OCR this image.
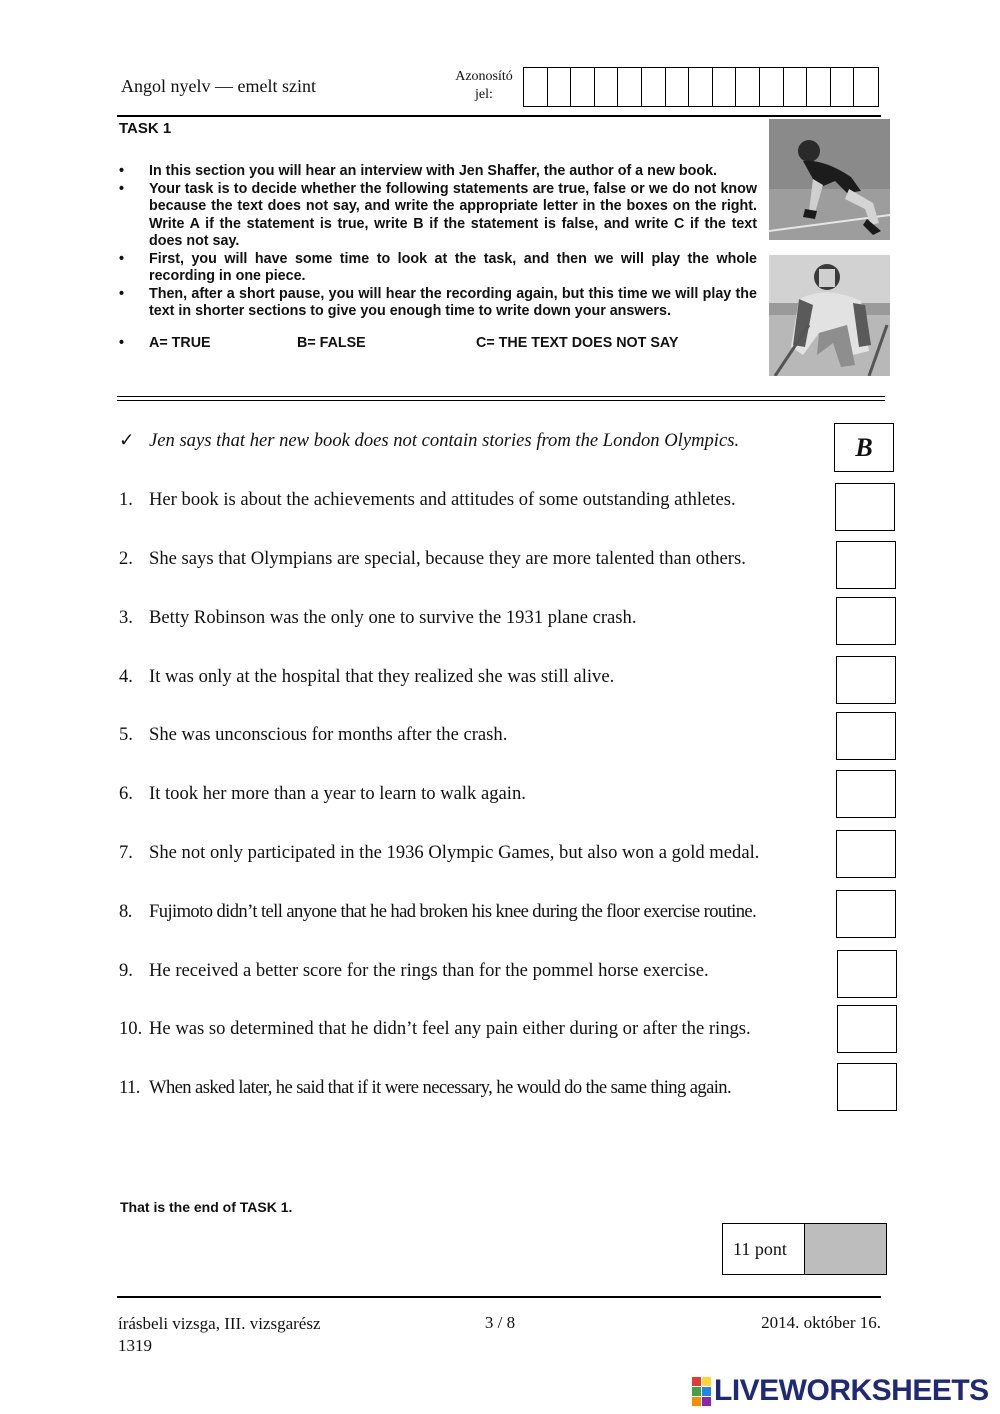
Angol nyelv — emelt szint	Azonosító
jel:
TASK 1
• In this section you will hear an interview with Jen Shaffer, the author of a new book.
• Your task is to decide whether the following statements are true, false or we do not know because the text does not say, and write the appropriate letter in the boxes on the right. Write A if the statement is true, write B if the statement is false, and write C if the text does not say.
• First, you will have some time to look at the task, and then we will play the whole recording in one piece.
• Then, after a short pause, you will hear the recording again, but this time we will play the text in shorter sections to give you enough time to write down your answers.
• A= TRUE	B= FALSE	C= THE TEXT DOES NOT SAY
✓ Jen says that her new book does not contain stories from the London Olympics.	B
1. Her book is about the achievements and attitudes of some outstanding athletes.
2. She says that Olympians are special, because they are more talented than others.
3. Betty Robinson was the only one to survive the 1931 plane crash.
4. It was only at the hospital that they realized she was still alive.
5. She was unconscious for months after the crash.
6. It took her more than a year to learn to walk again.
7. She not only participated in the 1936 Olympic Games, but also won a gold medal.
8. Fujimoto didn’t tell anyone that he had broken his knee during the floor exercise routine.
9. He received a better score for the rings than for the pommel horse exercise.
10. He was so determined that he didn’t feel any pain either during or after the rings.
11. When asked later, he said that if it were necessary, he would do the same thing again.
That is the end of TASK 1.
11 pont
írásbeli vizsga, III. vizsgarész
1319
3 / 8	2014. október 16.
LIVEWORKSHEETS
